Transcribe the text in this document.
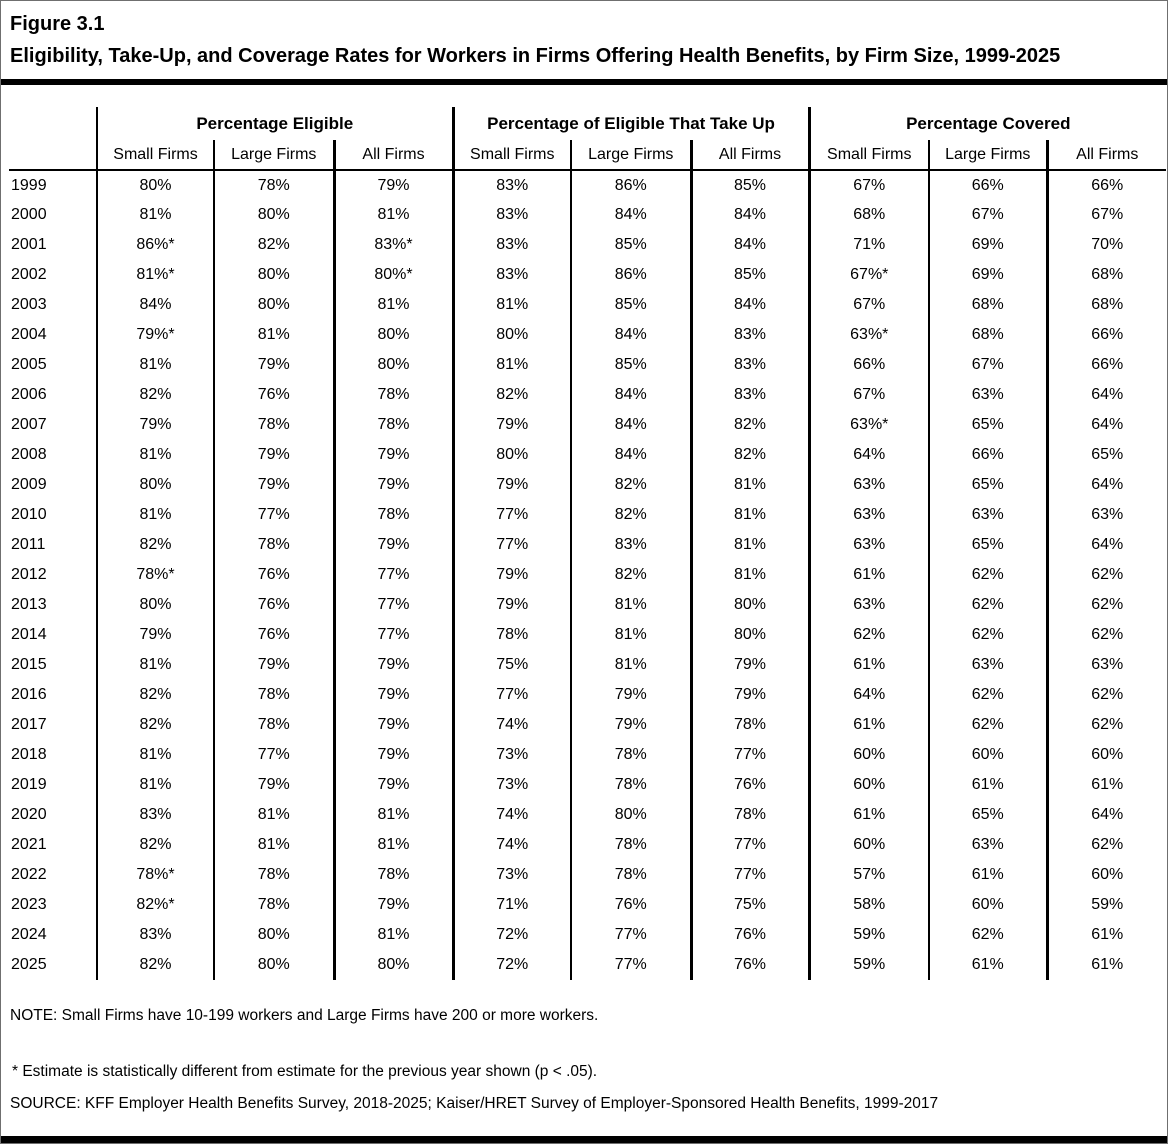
Figure 3.1
Eligibility, Take-Up, and Coverage Rates for Workers in Firms Offering Health Benefits, by Firm Size, 1999-2025
	Percentage Eligible			Percentage of Eligible That Take Up			Percentage Covered		
	Small Firms	Large Firms	All Firms	Small Firms	Large Firms	All Firms	Small Firms	Large Firms	All Firms
1999	80%	78%	79%	83%	86%	85%	67%	66%	66%
2000	81%	80%	81%	83%	84%	84%	68%	67%	67%
2001	86%*	82%	83%*	83%	85%	84%	71%	69%	70%
2002	81%*	80%	80%*	83%	86%	85%	67%*	69%	68%
2003	84%	80%	81%	81%	85%	84%	67%	68%	68%
2004	79%*	81%	80%	80%	84%	83%	63%*	68%	66%
2005	81%	79%	80%	81%	85%	83%	66%	67%	66%
2006	82%	76%	78%	82%	84%	83%	67%	63%	64%
2007	79%	78%	78%	79%	84%	82%	63%*	65%	64%
2008	81%	79%	79%	80%	84%	82%	64%	66%	65%
2009	80%	79%	79%	79%	82%	81%	63%	65%	64%
2010	81%	77%	78%	77%	82%	81%	63%	63%	63%
2011	82%	78%	79%	77%	83%	81%	63%	65%	64%
2012	78%*	76%	77%	79%	82%	81%	61%	62%	62%
2013	80%	76%	77%	79%	81%	80%	63%	62%	62%
2014	79%	76%	77%	78%	81%	80%	62%	62%	62%
2015	81%	79%	79%	75%	81%	79%	61%	63%	63%
2016	82%	78%	79%	77%	79%	79%	64%	62%	62%
2017	82%	78%	79%	74%	79%	78%	61%	62%	62%
2018	81%	77%	79%	73%	78%	77%	60%	60%	60%
2019	81%	79%	79%	73%	78%	76%	60%	61%	61%
2020	83%	81%	81%	74%	80%	78%	61%	65%	64%
2021	82%	81%	81%	74%	78%	77%	60%	63%	62%
2022	78%*	78%	78%	73%	78%	77%	57%	61%	60%
2023	82%*	78%	79%	71%	76%	75%	58%	60%	59%
2024	83%	80%	81%	72%	77%	76%	59%	62%	61%
2025	82%	80%	80%	72%	77%	76%	59%	61%	61%
NOTE: Small Firms have 10-199 workers and Large Firms have 200 or more workers.
* Estimate is statistically different from estimate for the previous year shown (p < .05).
SOURCE: KFF Employer Health Benefits Survey, 2018-2025; Kaiser/HRET Survey of Employer-Sponsored Health Benefits, 1999-2017
